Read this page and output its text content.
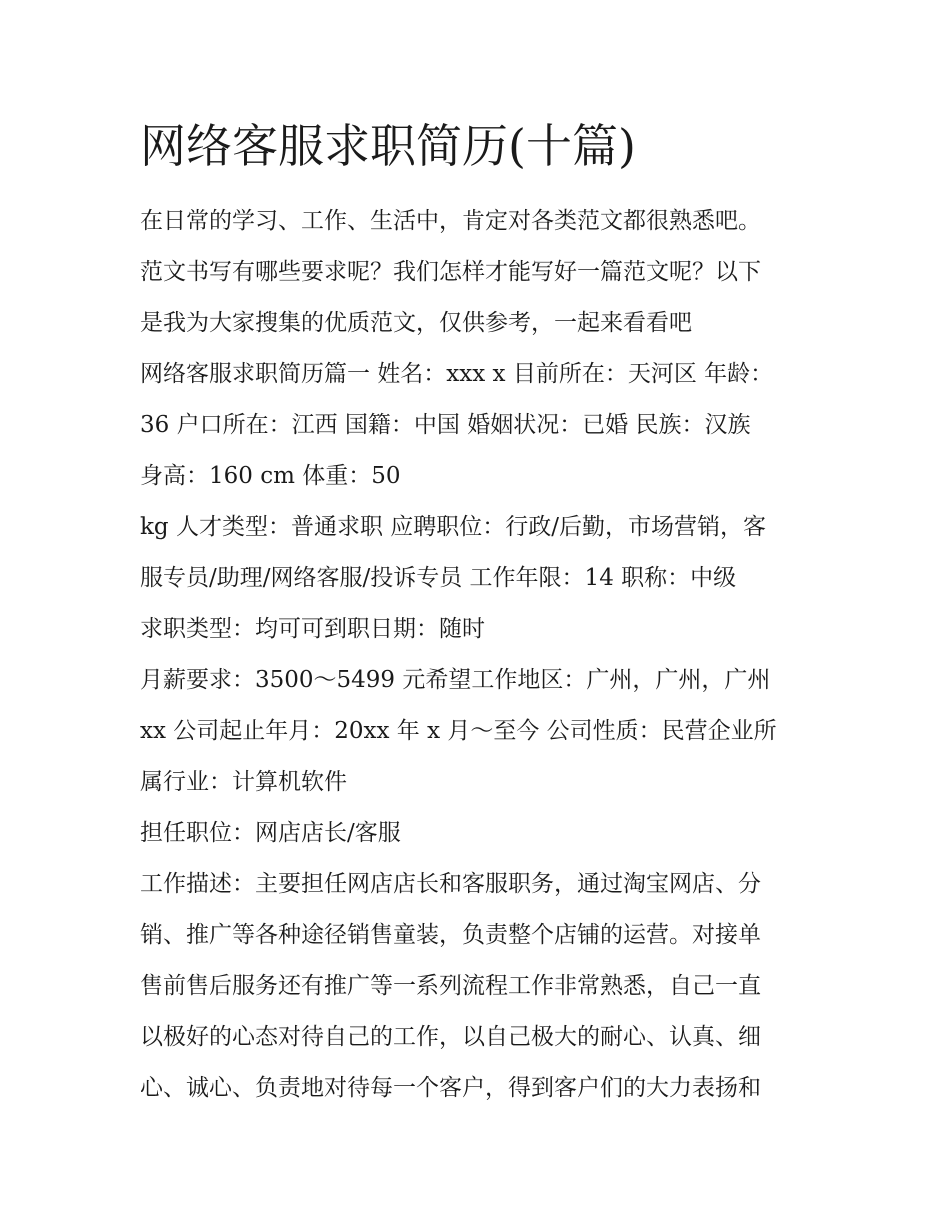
网络客服求职简历(十篇)
在日常的学习、工作、生活中，肯定对各类范文都很熟悉吧。
范文书写有哪些要求呢？我们怎样才能写好一篇范文呢？以下
是我为大家搜集的优质范文，仅供参考，一起来看看吧
网络客服求职简历篇一 姓名：xxx x 目前所在：天河区 年龄：
36 户口所在：江西 国籍：中国 婚姻状况：已婚 民族：汉族
身高：160 cm 体重：50
kg 人才类型：普通求职 应聘职位：行政/后勤，市场营销，客
服专员/助理/网络客服/投诉专员 工作年限：14 职称：中级
求职类型：均可可到职日期：随时
月薪要求：3500～5499 元希望工作地区：广州，广州，广州
xx 公司起止年月：20xx 年 x 月～至今 公司性质：民营企业所
属行业：计算机软件
担任职位：网店店长/客服
工作描述：主要担任网店店长和客服职务，通过淘宝网店、分
销、推广等各种途径销售童装，负责整个店铺的运营。对接单
售前售后服务还有推广等一系列流程工作非常熟悉，自己一直
以极好的心态对待自己的工作，以自己极大的耐心、认真、细
心、诚心、负责地对待每一个客户，得到客户们的大力表扬和
